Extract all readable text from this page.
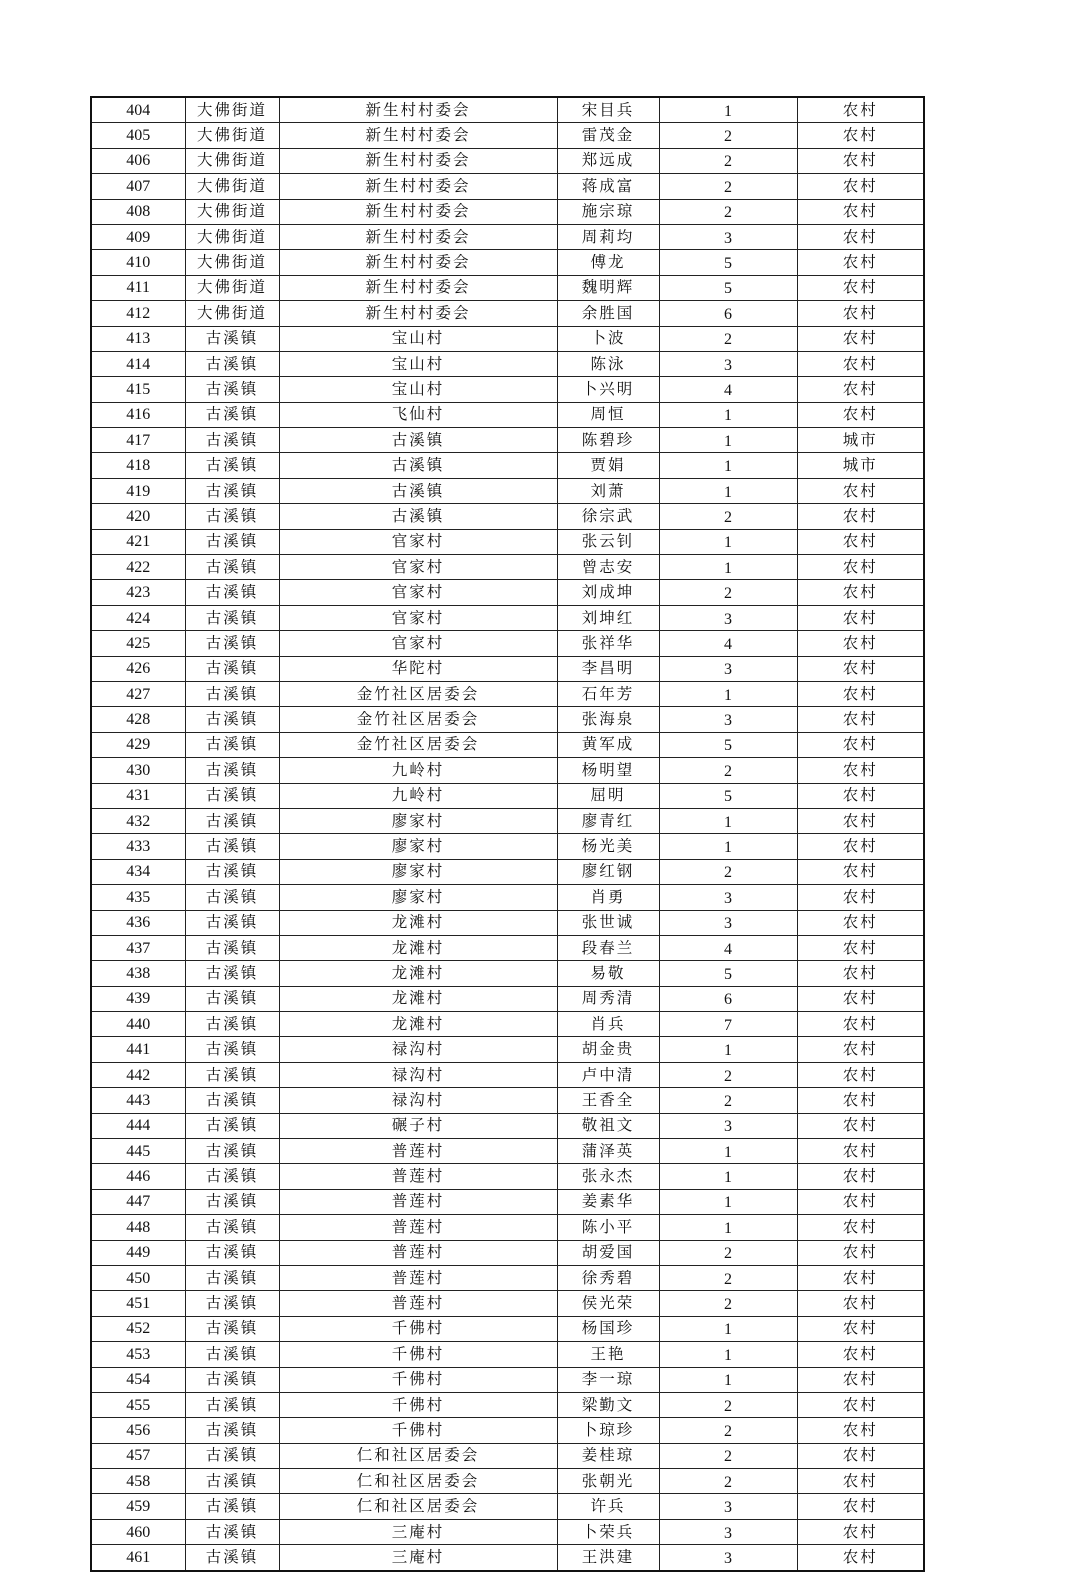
404	大佛街道	新生村村委会	宋目兵	1	农村
405	大佛街道	新生村村委会	雷茂金	2	农村
406	大佛街道	新生村村委会	郑远成	2	农村
407	大佛街道	新生村村委会	蒋成富	2	农村
408	大佛街道	新生村村委会	施宗琼	2	农村
409	大佛街道	新生村村委会	周莉均	3	农村
410	大佛街道	新生村村委会	傅龙	5	农村
411	大佛街道	新生村村委会	魏明辉	5	农村
412	大佛街道	新生村村委会	余胜国	6	农村
413	古溪镇	宝山村	卜波	2	农村
414	古溪镇	宝山村	陈泳	3	农村
415	古溪镇	宝山村	卜兴明	4	农村
416	古溪镇	飞仙村	周恒	1	农村
417	古溪镇	古溪镇	陈碧珍	1	城市
418	古溪镇	古溪镇	贾娟	1	城市
419	古溪镇	古溪镇	刘萧	1	农村
420	古溪镇	古溪镇	徐宗武	2	农村
421	古溪镇	官家村	张云钊	1	农村
422	古溪镇	官家村	曾志安	1	农村
423	古溪镇	官家村	刘成坤	2	农村
424	古溪镇	官家村	刘坤红	3	农村
425	古溪镇	官家村	张祥华	4	农村
426	古溪镇	华陀村	李昌明	3	农村
427	古溪镇	金竹社区居委会	石年芳	1	农村
428	古溪镇	金竹社区居委会	张海泉	3	农村
429	古溪镇	金竹社区居委会	黄军成	5	农村
430	古溪镇	九岭村	杨明望	2	农村
431	古溪镇	九岭村	屈明	5	农村
432	古溪镇	廖家村	廖青红	1	农村
433	古溪镇	廖家村	杨光美	1	农村
434	古溪镇	廖家村	廖红钢	2	农村
435	古溪镇	廖家村	肖勇	3	农村
436	古溪镇	龙滩村	张世诚	3	农村
437	古溪镇	龙滩村	段春兰	4	农村
438	古溪镇	龙滩村	易敬	5	农村
439	古溪镇	龙滩村	周秀清	6	农村
440	古溪镇	龙滩村	肖兵	7	农村
441	古溪镇	禄沟村	胡金贵	1	农村
442	古溪镇	禄沟村	卢中清	2	农村
443	古溪镇	禄沟村	王香全	2	农村
444	古溪镇	碾子村	敬祖文	3	农村
445	古溪镇	普莲村	蒲泽英	1	农村
446	古溪镇	普莲村	张永杰	1	农村
447	古溪镇	普莲村	姜素华	1	农村
448	古溪镇	普莲村	陈小平	1	农村
449	古溪镇	普莲村	胡爱国	2	农村
450	古溪镇	普莲村	徐秀碧	2	农村
451	古溪镇	普莲村	侯光荣	2	农村
452	古溪镇	千佛村	杨国珍	1	农村
453	古溪镇	千佛村	王艳	1	农村
454	古溪镇	千佛村	李一琼	1	农村
455	古溪镇	千佛村	梁勤文	2	农村
456	古溪镇	千佛村	卜琼珍	2	农村
457	古溪镇	仁和社区居委会	姜桂琼	2	农村
458	古溪镇	仁和社区居委会	张朝光	2	农村
459	古溪镇	仁和社区居委会	许兵	3	农村
460	古溪镇	三庵村	卜荣兵	3	农村
461	古溪镇	三庵村	王洪建	3	农村
